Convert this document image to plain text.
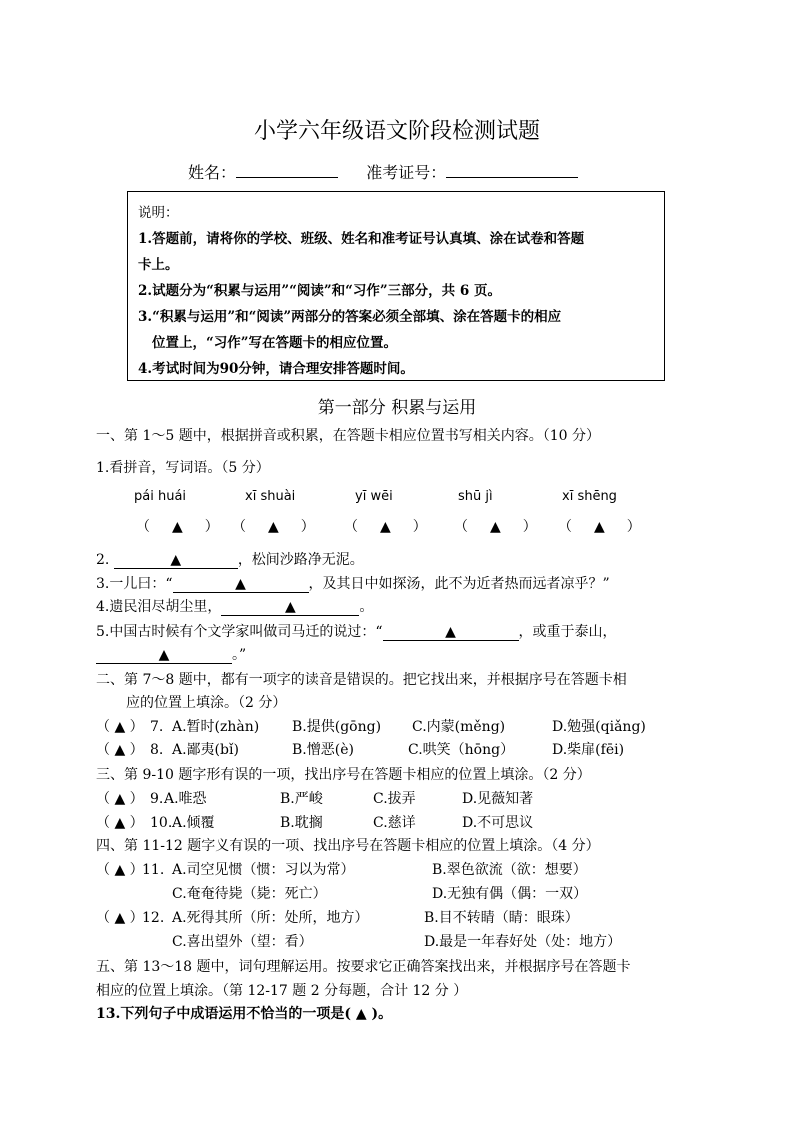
小学六年级语文阶段检测试题
姓名：	准考证号：
说明：
1.答题前，请将你的学校、班级、姓名和准考证号认真填、涂在试卷和答题
卡上。
2.试题分为“积累与运用”“阅读”和“习作”三部分，共 6 页。
3.“积累与运用”和“阅读”两部分的答案必须全部填、涂在答题卡的相应
位置上，“习作”写在答题卡的相应位置。
4.考试时间为90分钟，请合理安排答题时间。
第一部分 积累与运用
一、第 1～5 题中，根据拼音或积累，在答题卡相应位置书写相关内容。（10 分）
1.看拼音，写词语。（5 分）
pái huái	xī shuài	yī wēi	shū jì	xī shēng
（ ▲ ） （ ▲ ） （ ▲ ） （ ▲ ） （ ▲ ）
2.	▲	，松间沙路净无泥。
3.一儿曰：“	▲	，及其日中如探汤，此不为近者热而远者凉乎？”
4.遗民泪尽胡尘里，	▲	。
5.中国古时候有个文学家叫做司马迁的说过：“	▲	，或重于泰山，
▲	。”
二、第 7～8 题中，都有一项字的读音是错误的。把它找出来，并根据序号在答题卡相
应的位置上填涂。（2 分）
（ ▲ ） 7. A.暂时(zhàn) B.提供(gōng) C.内蒙(měng)	D.勉强(qiǎng)
（ ▲ ） 8. A.鄙夷(bǐ)	B.憎恶(è)	C.哄笑（hōng）	D.柴扉(fēi)
三、第 9-10 题字形有误的一项，找出序号在答题卡相应的位置上填涂。（2 分）
（ ▲ ） 9. A.唯恐	B.严峻	C.拔弄	D.见薇知著
（ ▲ ） 10. A.倾覆	B.耽搁	C.慈详	D.不可思议
四、第 11-12 题字义有误的一项、找出序号在答题卡相应的位置上填涂。（4 分）
（ ▲ ）
11. A.司空见惯（惯：习以为常）	B.翠色欲流（欲：想要）
C.奄奄待毙（毙：死亡）	D.无独有偶（偶：一双）
（ ▲ ）
12. A.死得其所（所：处所，地方）	B.目不转睛（睛：眼珠）
C.喜出望外（望：看）	D.最是一年春好处（处：地方）
五、第 13～18 题中，词句理解运用。按要求它正确答案找出来，并根据序号在答题卡
相应的位置上填涂。（第 12-17 题 2 分每题，合计 12 分 ）
13.下列句子中成语运用不恰当的一项是( ▲ )。
